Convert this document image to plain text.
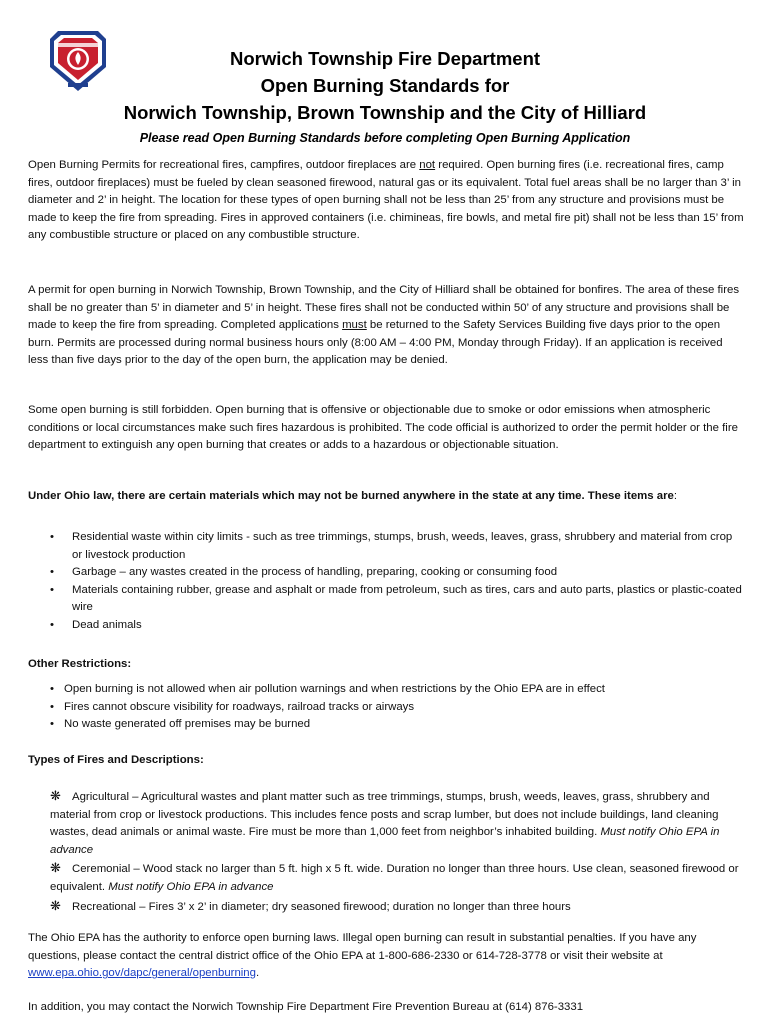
Norwich Township Fire Department
Open Burning Standards for
Norwich Township, Brown Township and the City of Hilliard
Please read Open Burning Standards before completing Open Burning Application

Open Burning Permits for recreational fires, campfires, outdoor fireplaces are not required. Open burning fires (i.e. recreational fires, camp fires, outdoor fireplaces) must be fueled by clean seasoned firewood, natural gas or its equivalent. Total fuel areas shall be no larger than 3’ in diameter and 2’ in height. The location for these types of open burning shall not be less than 25’ from any structure and provisions must be made to keep the fire from spreading. Fires in approved containers (i.e. chimineas, fire bowls, and metal fire pit) shall not be less than 15’ from any combustible structure or placed on any combustible structure.

A permit for open burning in Norwich Township, Brown Township, and the City of Hilliard shall be obtained for bonfires. The area of these fires shall be no greater than 5’ in diameter and 5’ in height. These fires shall not be conducted within 50’ of any structure and provisions shall be made to keep the fire from spreading. Completed applications must be returned to the Safety Services Building five days prior to the open burn. Permits are processed during normal business hours only (8:00 AM – 4:00 PM, Monday through Friday). If an application is received less than five days prior to the day of the open burn, the application may be denied.

Some open burning is still forbidden. Open burning that is offensive or objectionable due to smoke or odor emissions when atmospheric conditions or local circumstances make such fires hazardous is prohibited. The code official is authorized to order the permit holder or the fire department to extinguish any open burning that creates or adds to a hazardous or objectionable situation.

Under Ohio law, there are certain materials which may not be burned anywhere in the state at any time. These items are:

• Residential waste within city limits - such as tree trimmings, stumps, brush, weeds, leaves, grass, shrubbery and material from crop or livestock production
• Garbage – any wastes created in the process of handling, preparing, cooking or consuming food
• Materials containing rubber, grease and asphalt or made from petroleum, such as tires, cars and auto parts, plastics or plastic-coated wire
• Dead animals

Other Restrictions:

• Open burning is not allowed when air pollution warnings and when restrictions by the Ohio EPA are in effect
• Fires cannot obscure visibility for roadways, railroad tracks or airways
• No waste generated off premises may be burned

Types of Fires and Descriptions:

❋ Agricultural – Agricultural wastes and plant matter such as tree trimmings, stumps, brush, weeds, leaves, grass, shrubbery and material from crop or livestock productions. This includes fence posts and scrap lumber, but does not include buildings, land cleaning wastes, dead animals or animal waste. Fire must be more than 1,000 feet from neighbor’s inhabited building. Must notify Ohio EPA in advance
❋ Ceremonial – Wood stack no larger than 5 ft. high x 5 ft. wide. Duration no longer than three hours. Use clean, seasoned firewood or equivalent. Must notify Ohio EPA in advance
❋ Recreational – Fires 3’ x 2’ in diameter; dry seasoned firewood; duration no longer than three hours

The Ohio EPA has the authority to enforce open burning laws. Illegal open burning can result in substantial penalties. If you have any questions, please contact the central district office of the Ohio EPA at 1-800-686-2330 or 614-728-3778 or visit their website at www.epa.ohio.gov/dapc/general/openburning.

In addition, you may contact the Norwich Township Fire Department Fire Prevention Bureau at (614) 876-3331
